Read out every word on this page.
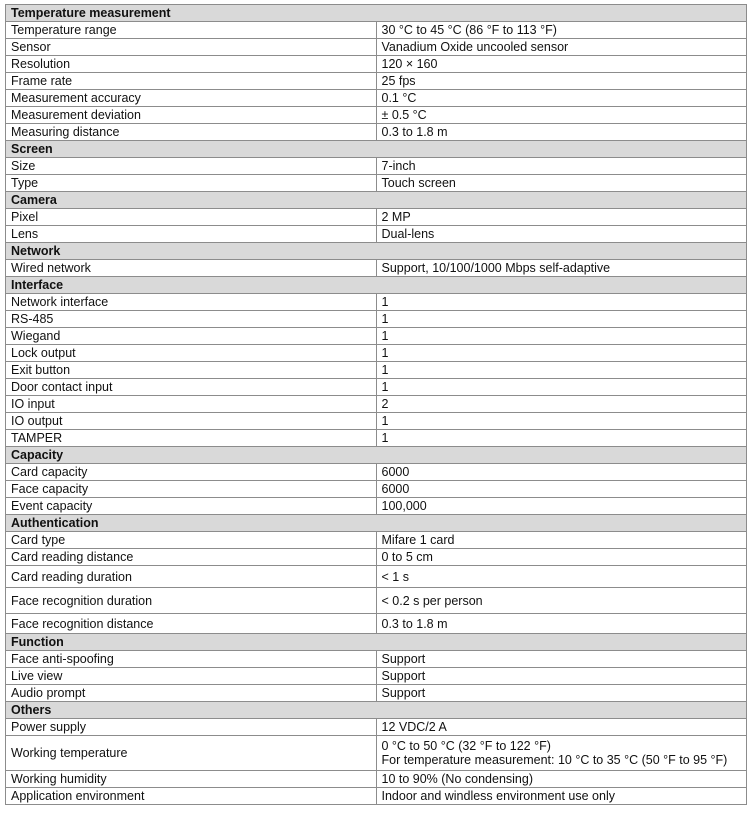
Temperature measurement	
Temperature range	30 °C to 45 °C (86 °F to 113 °F)
Sensor	Vanadium Oxide uncooled sensor
Resolution	120 × 160
Frame rate	25 fps
Measurement accuracy	0.1 °C
Measurement deviation	± 0.5 °C
Measuring distance	0.3 to 1.8 m
Screen	
Size	7-inch
Type	Touch screen
Camera	
Pixel	2 MP
Lens	Dual-lens
Network	
Wired network	Support, 10/100/1000 Mbps self-adaptive
Interface	
Network interface	1
RS-485	1
Wiegand	1
Lock output	1
Exit button	1
Door contact input	1
IO input	2
IO output	1
TAMPER	1
Capacity	
Card capacity	6000
Face capacity	6000
Event capacity	100,000
Authentication	
Card type	Mifare 1 card
Card reading distance	0 to 5 cm
Card reading duration	< 1 s
Face recognition duration	< 0.2 s per person
Face recognition distance	0.3 to 1.8 m
Function	
Face anti-spoofing	Support
Live view	Support
Audio prompt	Support
Others	
Power supply	12 VDC/2 A
Working temperature	0 °C to 50 °C (32 °F to 122 °F)
For temperature measurement: 10 °C to 35 °C (50 °F to 95 °F)

Working humidity	10 to 90% (No condensing)
Application environment	Indoor and windless environment use only
